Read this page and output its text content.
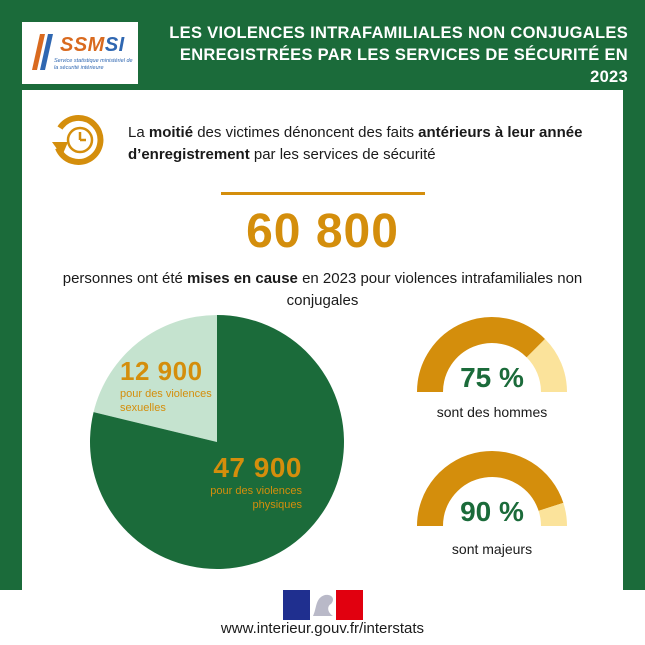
SSMSI
Service statistique ministériel de la sécurité intérieure
LES VIOLENCES INTRAFAMILIALES NON CONJUGALES
ENREGISTRÉES PAR LES SERVICES DE SÉCURITÉ EN 2023
La moitié des victimes dénoncent des faits antérieurs à leur année d’enregistrement par les services de sécurité
60 800
personnes ont été mises en cause en 2023 pour violences intrafamiliales non conjugales
12 900
pour des violences sexuelles
47 900
pour des violences physiques
75 %
sont des hommes
90 %
sont majeurs
www.interieur.gouv.fr/interstats
